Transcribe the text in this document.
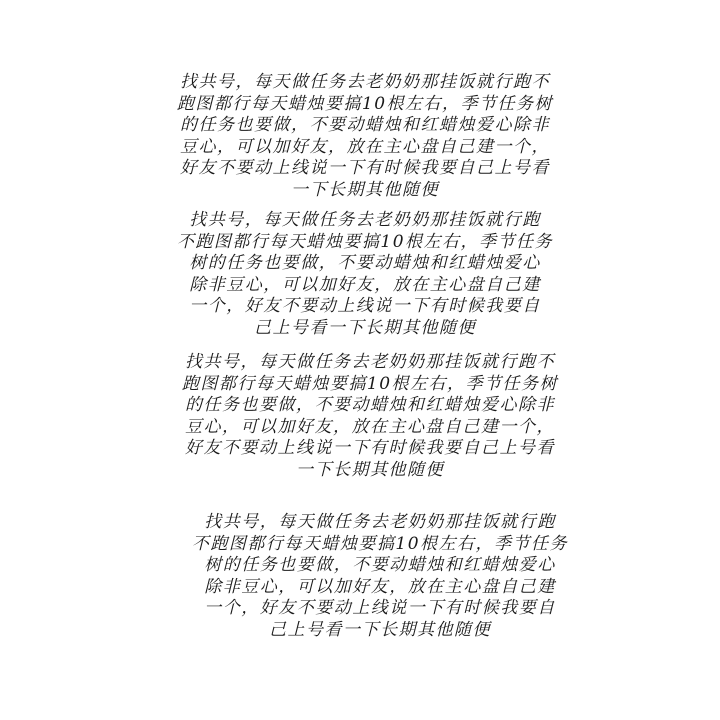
找共号，每天做任务去老奶奶那挂饭就行跑不
跑图都行每天蜡烛要搞10根左右，季节任务树
的任务也要做，不要动蜡烛和红蜡烛爱心除非
豆心，可以加好友，放在主心盘自己建一个，
好友不要动上线说一下有时候我要自己上号看
一下长期其他随便
找共号，每天做任务去老奶奶那挂饭就行跑
不跑图都行每天蜡烛要搞10根左右，季节任务
树的任务也要做，不要动蜡烛和红蜡烛爱心
除非豆心，可以加好友，放在主心盘自己建
一个，好友不要动上线说一下有时候我要自
己上号看一下长期其他随便
找共号，每天做任务去老奶奶那挂饭就行跑不
跑图都行每天蜡烛要搞10根左右，季节任务树
的任务也要做，不要动蜡烛和红蜡烛爱心除非
豆心，可以加好友，放在主心盘自己建一个，
好友不要动上线说一下有时候我要自己上号看
一下长期其他随便
找共号，每天做任务去老奶奶那挂饭就行跑
不跑图都行每天蜡烛要搞10根左右，季节任务
树的任务也要做，不要动蜡烛和红蜡烛爱心
除非豆心，可以加好友，放在主心盘自己建
一个，好友不要动上线说一下有时候我要自
己上号看一下长期其他随便
